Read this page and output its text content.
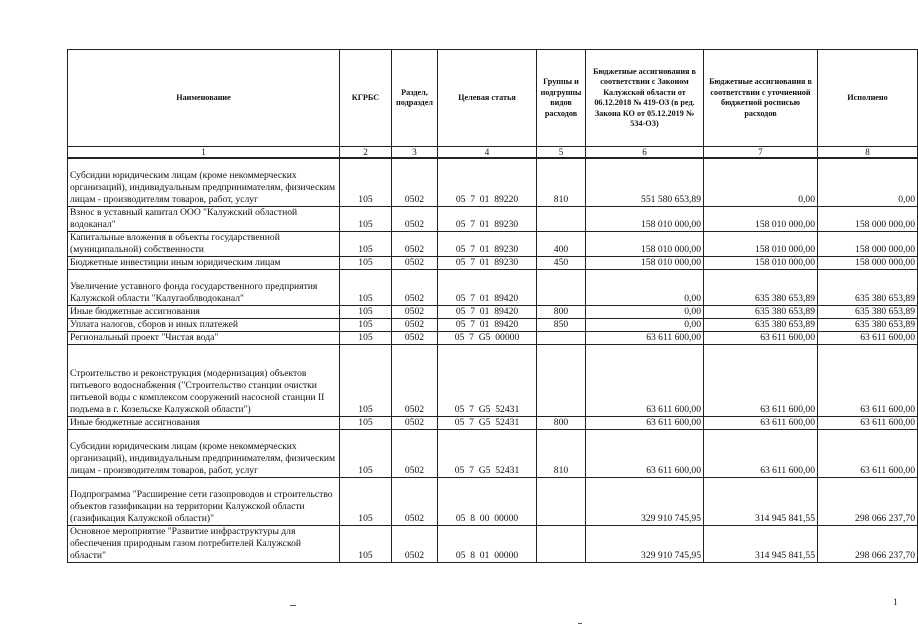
Наименование	КГРБС	Раздел, подраздел	Целевая статья	Группы и подгруппы видов расходов	Бюджетные ассигнования в соответствии с Законом Калужской области от 06.12.2018 № 419-ОЗ (в ред. Закона КО от 05.12.2019 № 534-ОЗ)	Бюджетные ассигнования в соответствии с уточненной бюджетной росписью расходов	Исполнено
1	2	3	4	5	6	7	8
Субсидии юридическим лицам (кроме некоммерческих организаций), индивидуальным предпринимателям, физическим лицам - производителям товаров, работ, услуг	105	0502	05  7  01  89220	810	551 580 653,89	0,00	0,00
Взнос в уставный капитал ООО "Калужский областной водоканал"	105	0502	05  7  01  89230		158 010 000,00	158 010 000,00	158 000 000,00
Капитальные вложения в объекты государственной (муниципальной) собственности	105	0502	05  7  01  89230	400	158 010 000,00	158 010 000,00	158 000 000,00
Бюджетные инвестиции иным юридическим лицам	105	0502	05  7  01  89230	450	158 010 000,00	158 010 000,00	158 000 000,00
Увеличение уставного фонда государственного предприятия Калужской области "Калугаоблводоканал"	105	0502	05  7  01  89420		0,00	635 380 653,89	635 380 653,89
Иные бюджетные ассигнования	105	0502	05  7  01  89420	800	0,00	635 380 653,89	635 380 653,89
Уплата налогов, сборов и иных платежей	105	0502	05  7  01  89420	850	0,00	635 380 653,89	635 380 653,89
Региональный проект "Чистая вода"	105	0502	05  7  G5  00000		63 611 600,00	63 611 600,00	63 611 600,00
Строительство и реконструкция (модернизация) объектов питьевого водоснабжения ("Строительство станции очистки питьевой воды с комплексом сооружений насосной станции II подъема в г. Козельске Калужской области")	105	0502	05  7  G5  52431		63 611 600,00	63 611 600,00	63 611 600,00
Иные бюджетные ассигнования	105	0502	05  7  G5  52431	800	63 611 600,00	63 611 600,00	63 611 600,00
Субсидии юридическим лицам (кроме некоммерческих организаций), индивидуальным предпринимателям, физическим лицам - производителям товаров, работ, услуг	105	0502	05  7  G5  52431	810	63 611 600,00	63 611 600,00	63 611 600,00
Подпрограмма "Расширение сети газопроводов и строительство объектов газификации на территории Калужской области (газификация Калужской области)"	105	0502	05  8  00  00000		329 910 745,95	314 945 841,55	298 066 237,70
Основное мероприятие "Развитие инфраструктуры для обеспечения природным газом потребителей Калужской области"	105	0502	05  8  01  00000		329 910 745,95	314 945 841,55	298 066 237,70
1
